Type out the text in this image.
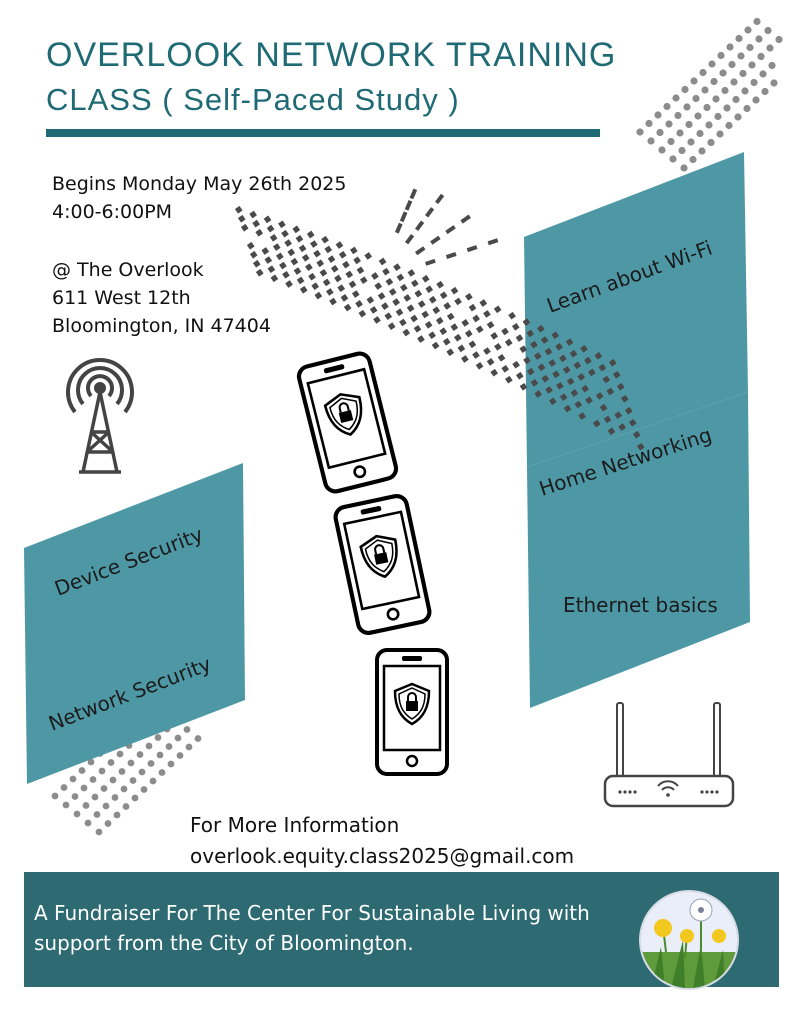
OVERLOOK NETWORK TRAINING
CLASS ( Self-Paced Study )
Learn about Wi-Fi
Home Networking
Ethernet basics
Device Security
Network Security
Begins Monday May 26th 2025
4:00-6:00PM
@ The Overlook
611 West 12th
Bloomington, IN 47404
For More Information
overlook.equity.class2025@gmail.com
A Fundraiser For The Center For Sustainable Living with
support from the City of Bloomington.
